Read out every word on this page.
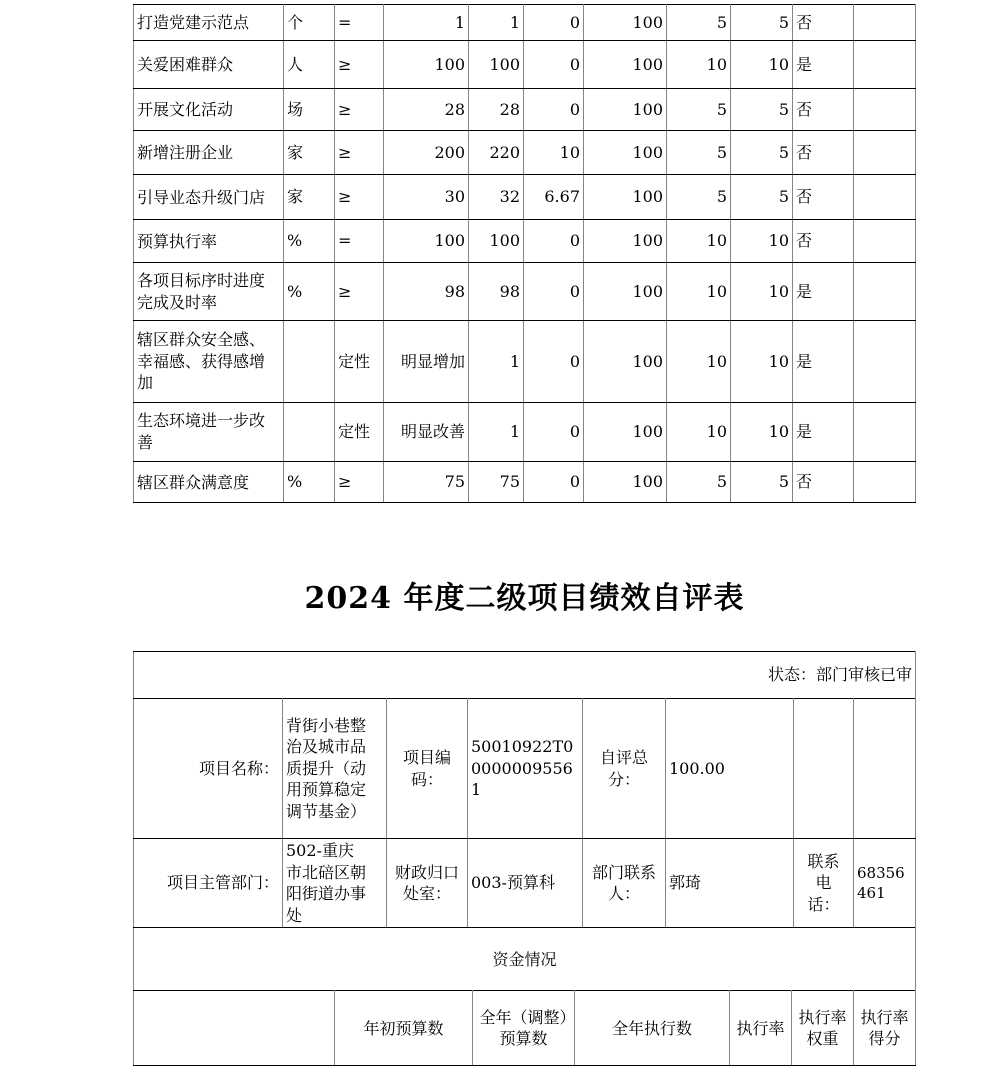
打造党建示范点	个	=	1	1	0	100	5	5	否	
关爱困难群众	人	≥	100	100	0	100	10	10	是	
开展文化活动	场	≥	28	28	0	100	5	5	否	
新增注册企业	家	≥	200	220	10	100	5	5	否	
引导业态升级门店	家	≥	30	32	6.67	100	5	5	否	
预算执行率	%	=	100	100	0	100	10	10	否	
各项目标序时进度完成及时率	%	≥	98	98	0	100	10	10	是	
辖区群众安全感、幸福感、获得感增加		定性	明显增加	1	0	100	10	10	是	
生态环境进一步改善		定性	明显改善	1	0	100	10	10	是	
辖区群众满意度	%	≥	75	75	0	100	5	5	否	
2024 年度二级项目绩效自评表
状态：部门审核已审
项目名称：	背街小巷整治及城市品质提升（动用预算稳定调节基金）	项目编码：	50010922T000000095561	自评总分：	100.00		
项目主管部门：	502-重庆市北碚区朝阳街道办事处	财政归口处室：	003-预算科	部门联系人：	郭琦	联系电话：	68356461
资金情况
	年初预算数	全年（调整）预算数	全年执行数	执行率	执行率权重	执行率得分
